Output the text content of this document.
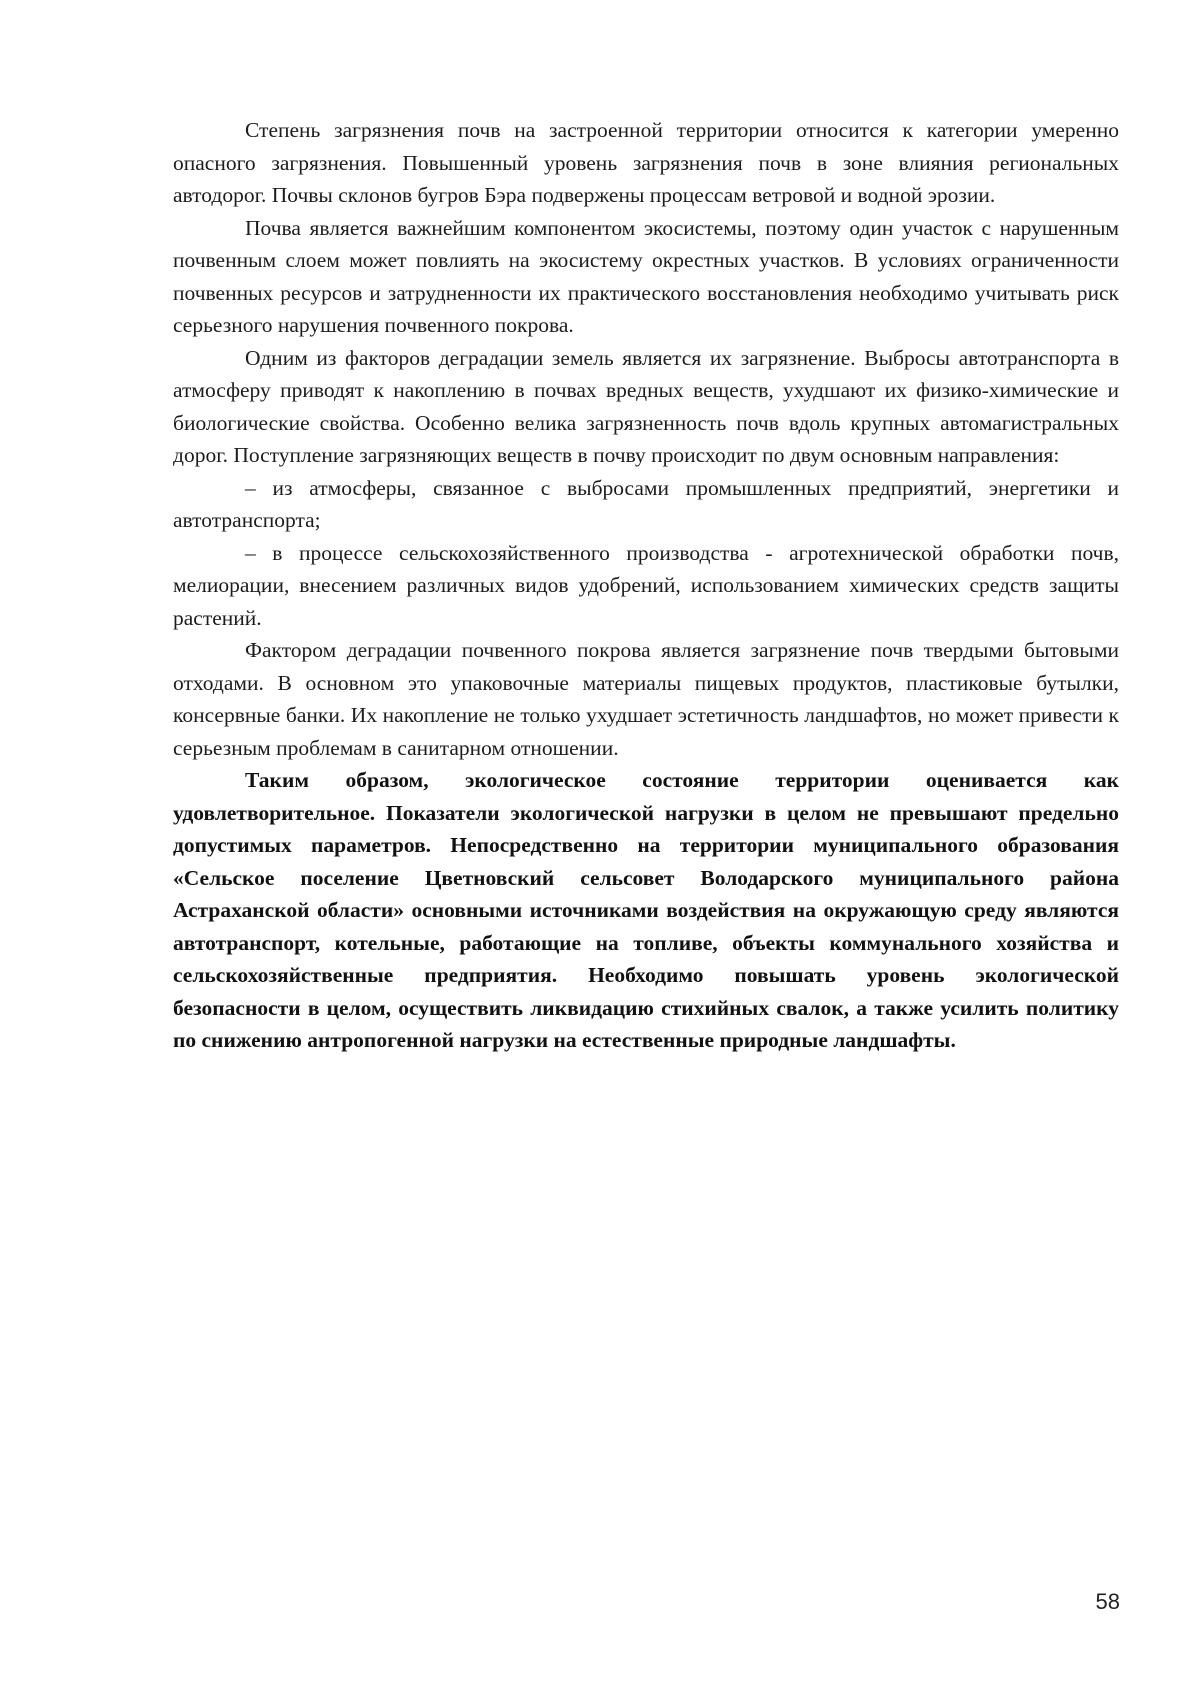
Степень загрязнения почв на застроенной территории относится к категории умеренно опасного загрязнения. Повышенный уровень загрязнения почв в зоне влияния региональных автодорог. Почвы склонов бугров Бэра подвержены процессам ветровой и водной эрозии.

Почва является важнейшим компонентом экосистемы, поэтому один участок с нарушенным почвенным слоем может повлиять на экосистему окрестных участков. В условиях ограниченности почвенных ресурсов и затрудненности их практического восстановления необходимо учитывать риск серьезного нарушения почвенного покрова.

Одним из факторов деградации земель является их загрязнение. Выбросы автотранспорта в атмосферу приводят к накоплению в почвах вредных веществ, ухудшают их физико-химические и биологические свойства. Особенно велика загрязненность почв вдоль крупных автомагистральных дорог. Поступление загрязняющих веществ в почву происходит по двум основным направления:

– из атмосферы, связанное с выбросами промышленных предприятий, энергетики и автотранспорта;

– в процессе сельскохозяйственного производства - агротехнической обработки почв, мелиорации, внесением различных видов удобрений, использованием химических средств защиты растений.

Фактором деградации почвенного покрова является загрязнение почв твердыми бытовыми отходами. В основном это упаковочные материалы пищевых продуктов, пластиковые бутылки, консервные банки. Их накопление не только ухудшает эстетичность ландшафтов, но может привести к серьезным проблемам в санитарном отношении.

Таким образом, экологическое состояние территории оценивается как удовлетворительное. Показатели экологической нагрузки в целом не превышают предельно допустимых параметров. Непосредственно на территории муниципального образования «Сельское поселение Цветновский сельсовет Володарского муниципального района Астраханской области» основными источниками воздействия на окружающую среду являются автотранспорт, котельные, работающие на топливе, объекты коммунального хозяйства и сельскохозяйственные предприятия. Необходимо повышать уровень экологической безопасности в целом, осуществить ликвидацию стихийных свалок, а также усилить политику по снижению антропогенной нагрузки на естественные природные ландшафты.

58
